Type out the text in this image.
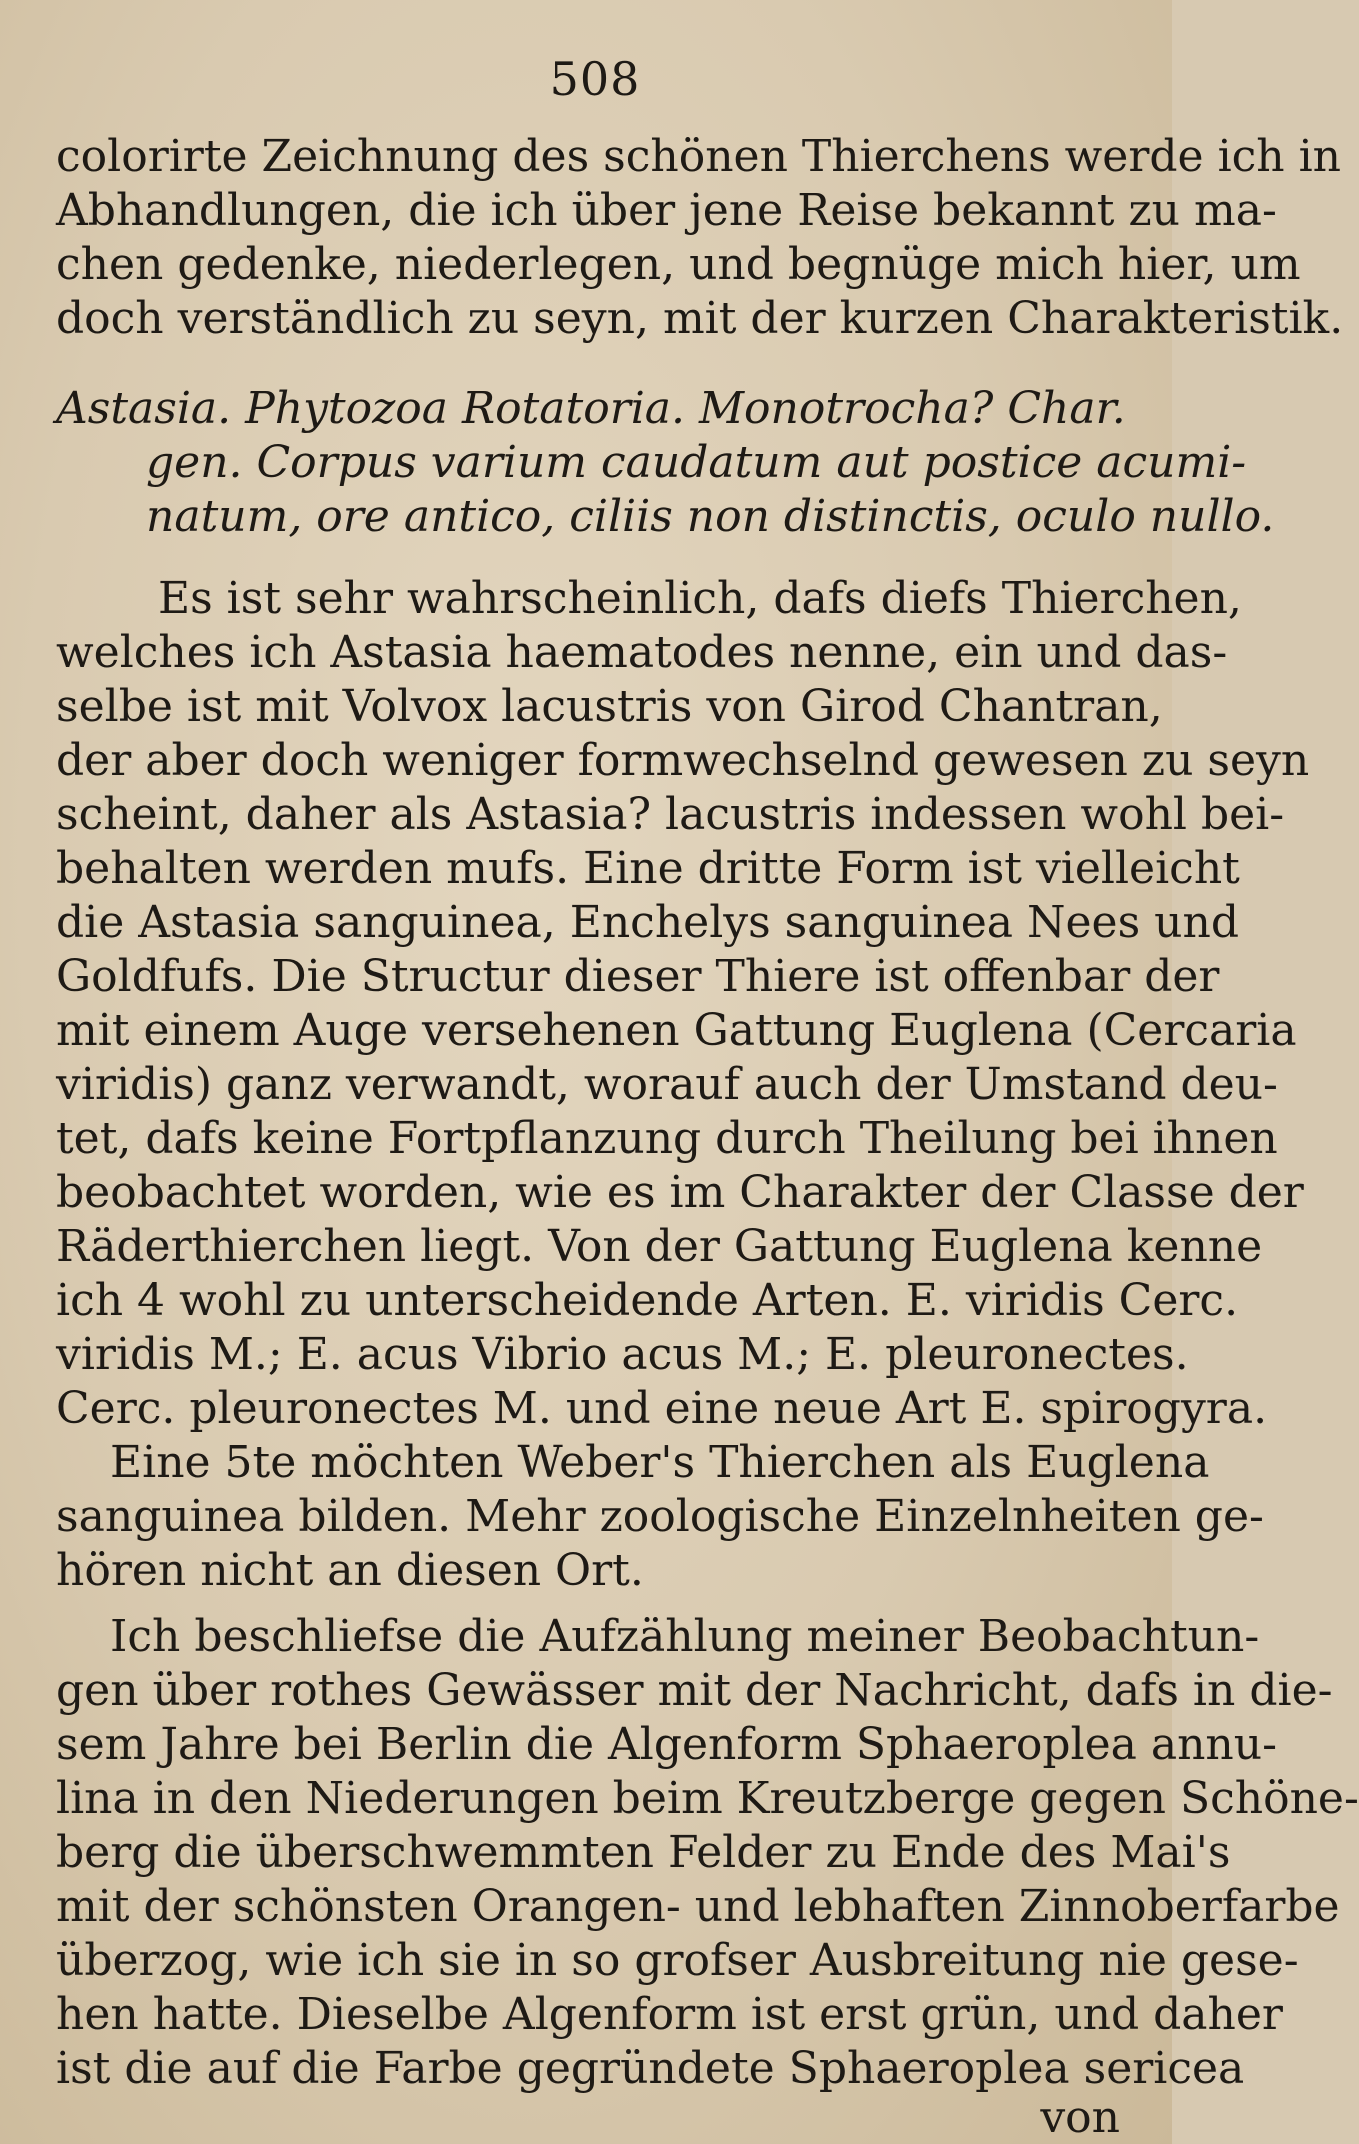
508
colorirte Zeichnung des schönen Thierchens werde ich in
Abhandlungen, die ich über jene Reise bekannt zu ma-
chen gedenke, niederlegen, und begnüge mich hier, um
doch verständlich zu seyn, mit der kurzen Charakteristik.
Astasia. Phytozoa Rotatoria. Monotrocha? Char.
gen. Corpus varium caudatum aut postice acumi-
natum, ore antico, ciliis non distinctis, oculo nullo.
Es ist sehr wahrscheinlich, dafs diefs Thierchen,
welches ich Astasia haematodes nenne, ein und das-
selbe ist mit Volvox lacustris von Girod Chantran,
der aber doch weniger formwechselnd gewesen zu seyn
scheint, daher als Astasia? lacustris indessen wohl bei-
behalten werden mufs. Eine dritte Form ist vielleicht
die Astasia sanguinea, Enchelys sanguinea Nees und
Goldfufs. Die Structur dieser Thiere ist offenbar der
mit einem Auge versehenen Gattung Euglena (Cercaria
viridis) ganz verwandt, worauf auch der Umstand deu-
tet, dafs keine Fortpflanzung durch Theilung bei ihnen
beobachtet worden, wie es im Charakter der Classe der
Räderthierchen liegt. Von der Gattung Euglena kenne
ich 4 wohl zu unterscheidende Arten. E. viridis Cerc.
viridis M.; E. acus Vibrio acus M.; E. pleuronectes.
Cerc. pleuronectes M. und eine neue Art E. spirogyra.
Eine 5te möchten Weber's Thierchen als Euglena
sanguinea bilden. Mehr zoologische Einzelnheiten ge-
hören nicht an diesen Ort.
Ich beschliefse die Aufzählung meiner Beobachtun-
gen über rothes Gewässer mit der Nachricht, dafs in die-
sem Jahre bei Berlin die Algenform Sphaeroplea annu-
lina in den Niederungen beim Kreutzberge gegen Schöne-
berg die überschwemmten Felder zu Ende des Mai's
mit der schönsten Orangen- und lebhaften Zinnoberfarbe
überzog, wie ich sie in so grofser Ausbreitung nie gese-
hen hatte. Dieselbe Algenform ist erst grün, und daher
ist die auf die Farbe gegründete Sphaeroplea sericea
von
